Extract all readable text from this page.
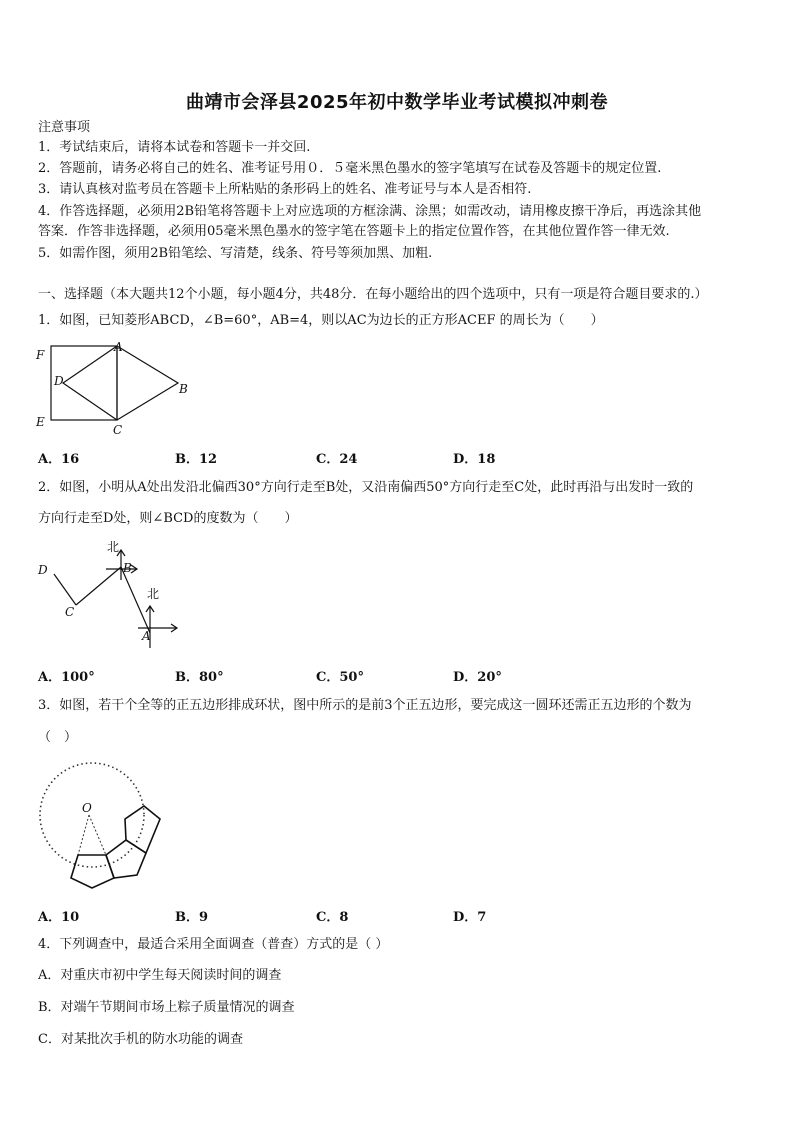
曲靖市会泽县2025年初中数学毕业考试模拟冲刺卷
注意事项
1．考试结束后，请将本试卷和答题卡一并交回.
2．答题前，请务必将自己的姓名、准考证号用０．５毫米黑色墨水的签字笔填写在试卷及答题卡的规定位置.
3．请认真核对监考员在答题卡上所粘贴的条形码上的姓名、准考证号与本人是否相符.
4．作答选择题，必须用2B铅笔将答题卡上对应选项的方框涂满、涂黑；如需改动，请用橡皮擦干净后，再选涂其他
答案．作答非选择题，必须用05毫米黑色墨水的签字笔在答题卡上的指定位置作答，在其他位置作答一律无效.
5．如需作图，须用2B铅笔绘、写清楚，线条、符号等须加黑、加粗.
一、选择题（本大题共12个小题，每小题4分，共48分．在每小题给出的四个选项中，只有一项是符合题目要求的.）
1．如图，已知菱形ABCD，∠B=60°，AB=4，则以AC为边长的正方形ACEF 的周长为（　　）
F
A
D
B
E
C
A．16	B．12	C．24	D．18
2．如图，小明从A处出发沿北偏西30°方向行走至B处，又沿南偏西50°方向行走至C处，此时再沿与出发时一致的
方向行走至D处，则∠BCD的度数为（　　）
北
北
D
C
B
A
A．100°	B．80°	C．50°	D．20°
3．如图，若干个全等的正五边形排成环状，图中所示的是前3个正五边形，要完成这一圆环还需正五边形的个数为
（　）
O
A．10	B．9	C．8	D．7
4．下列调查中，最适合采用全面调查（普查）方式的是（ ）
A．对重庆市初中学生每天阅读时间的调查
B．对端午节期间市场上粽子质量情况的调查
C．对某批次手机的防水功能的调查
